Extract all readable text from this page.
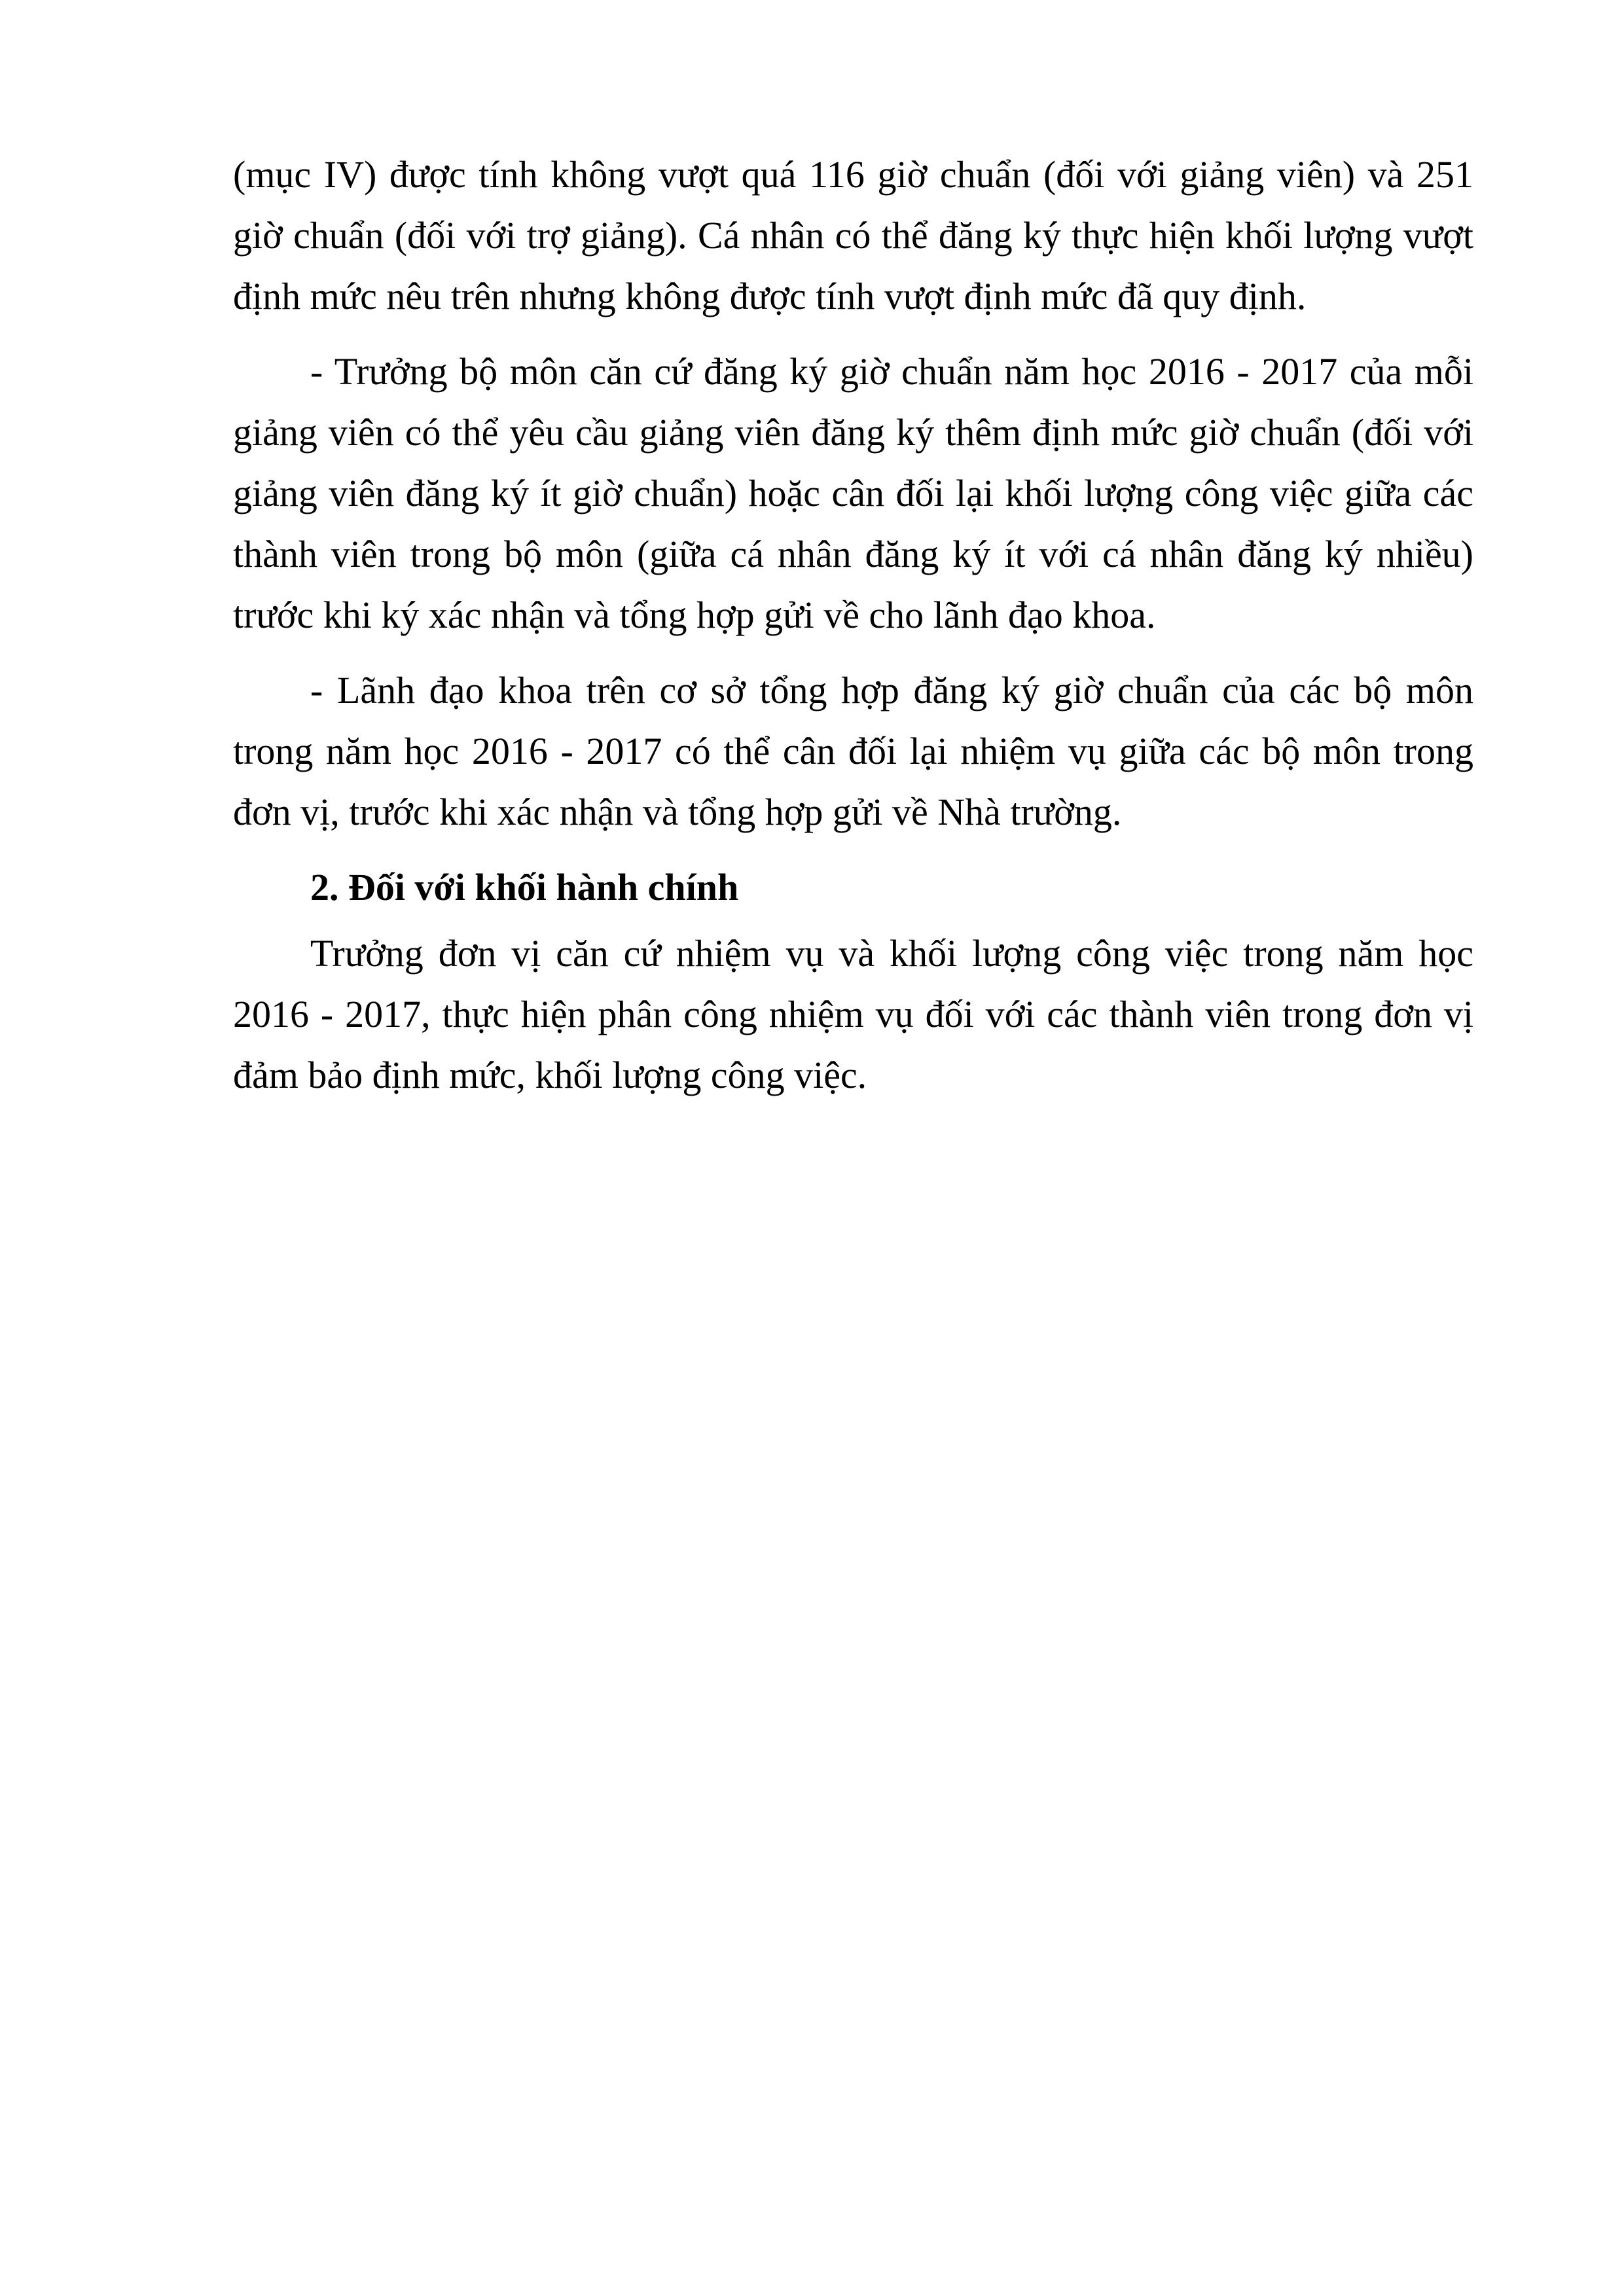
(mục IV) được tính không vượt quá 116 giờ chuẩn (đối với giảng viên) và 251 giờ chuẩn (đối với trợ giảng). Cá nhân có thể đăng ký thực hiện khối lượng vượt định mức nêu trên nhưng không được tính vượt định mức đã quy định.

- Trưởng bộ môn căn cứ đăng ký giờ chuẩn năm học 2016 - 2017 của mỗi giảng viên có thể yêu cầu giảng viên đăng ký thêm định mức giờ chuẩn (đối với giảng viên đăng ký ít giờ chuẩn) hoặc cân đối lại khối lượng công việc giữa các thành viên trong bộ môn (giữa cá nhân đăng ký ít với cá nhân đăng ký nhiều) trước khi ký xác nhận và tổng hợp gửi về cho lãnh đạo khoa.

- Lãnh đạo khoa trên cơ sở tổng hợp đăng ký giờ chuẩn của các bộ môn trong năm học 2016 - 2017 có thể cân đối lại nhiệm vụ giữa các bộ môn trong đơn vị, trước khi xác nhận và tổng hợp gửi về Nhà trường.

2. Đối với khối hành chính

Trưởng đơn vị căn cứ nhiệm vụ và khối lượng công việc trong năm học 2016 - 2017, thực hiện phân công nhiệm vụ đối với các thành viên trong đơn vị đảm bảo định mức, khối lượng công việc.
